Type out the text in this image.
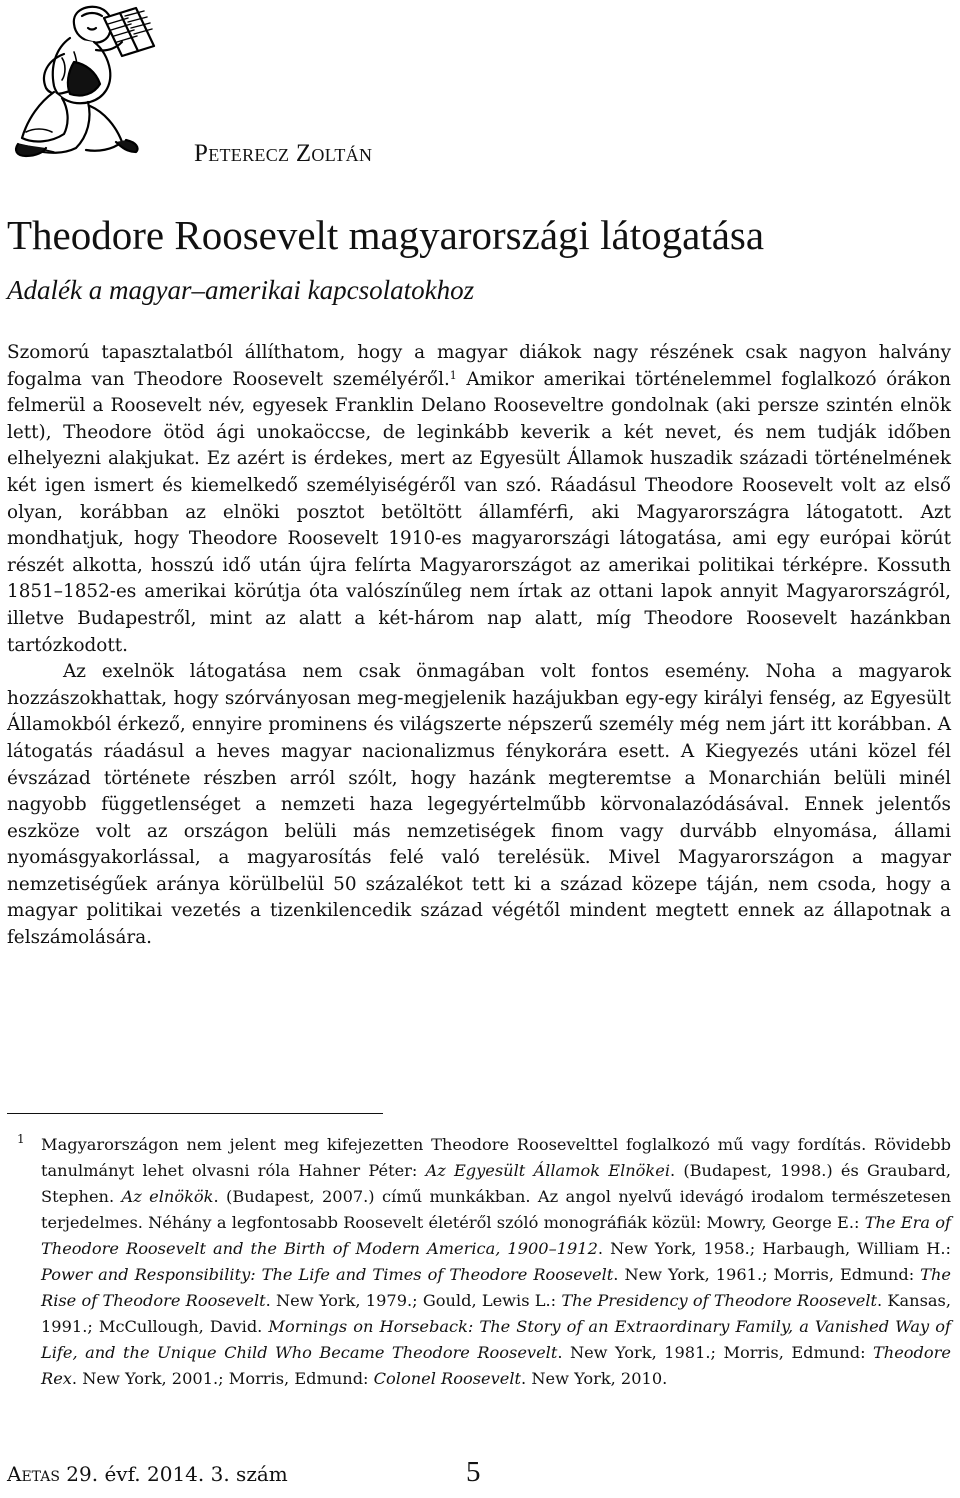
Peterecz Zoltán
Theodore Roosevelt magyarországi látogatása
Adalék a magyar–amerikai kapcsolatokhoz

Szomorú tapasztalatból állíthatom, hogy a magyar diákok nagy részének csak nagyon halvány fogalma van Theodore Roosevelt személyéről.$^1$ Amikor amerikai történelemmel foglalkozó órákon felmerül a Roosevelt név, egyesek Franklin Delano Rooseveltre gondolnak (aki persze szintén elnök lett), Theodore ötöd ági unokaöccse, de leginkább keverik a két nevet, és nem tudják időben elhelyezni alakjukat. Ez azért is érdekes, mert az Egyesült Államok huszadik századi történelmének két igen ismert és kiemelkedő személyiségéről van szó. Ráadásul Theodore Roosevelt volt az első olyan, korábban az elnöki posztot betöltött államférfi, aki Magyarországra látogatott. Azt mondhatjuk, hogy Theodore Roosevelt 1910-es magyarországi látogatása, ami egy európai körút részét alkotta, hosszú idő után újra felírta Magyarországot az amerikai politikai térképre. Kossuth 1851–1852-es amerikai körútja óta valószínűleg nem írtak az ottani lapok annyit Magyarországról, illetve Budapestről, mint az alatt a két-három nap alatt, míg Theodore Roosevelt hazánkban tartózkodott.

Az exelnök látogatása nem csak önmagában volt fontos esemény. Noha a magyarok hozzászokhattak, hogy szórványosan meg-megjelenik hazájukban egy-egy királyi fenség, az Egyesült Államokból érkező, ennyire prominens és világszerte népszerű személy még nem járt itt korábban. A látogatás ráadásul a heves magyar nacionalizmus fénykorára esett. A Kiegyezés utáni közel fél évszázad története részben arról szólt, hogy hazánk megteremtse a Monarchián belüli minél nagyobb függetlenséget a nemzeti haza legegyértelműbb körvonalazódásával. Ennek jelentős eszköze volt az országon belüli más nemzetiségek finom vagy durvább elnyomása, állami nyomásgyakorlással, a magyarosítás felé való terelésük. Mivel Magyarországon a magyar nemzetiségűek aránya körülbelül 50 százalékot tett ki a század közepe táján, nem csoda, hogy a magyar politikai vezetés a tizenkilencedik század végétől mindent megtett ennek az állapotnak a felszámolására.

1 Magyarországon nem jelent meg kifejezetten Theodore Roosevelttel foglalkozó mű vagy fordítás. Rövidebb tanulmányt lehet olvasni róla Hahner Péter: Az Egyesült Államok Elnökei. (Budapest, 1998.) és Graubard, Stephen. Az elnökök. (Budapest, 2007.) című munkákban. Az angol nyelvű idevágó irodalom természetesen terjedelmes. Néhány a legfontosabb Roosevelt életéről szóló monográfiák közül: Mowry, George E.: The Era of Theodore Roosevelt and the Birth of Modern America, 1900–1912. New York, 1958.; Harbaugh, William H.: Power and Responsibility: The Life and Times of Theodore Roosevelt. New York, 1961.; Morris, Edmund: The Rise of Theodore Roosevelt. New York, 1979.; Gould, Lewis L.: The Presidency of Theodore Roosevelt. Kansas, 1991.; McCullough, David. Mornings on Horseback: The Story of an Extraordinary Family, a Vanished Way of Life, and the Unique Child Who Became Theodore Roosevelt. New York, 1981.; Morris, Edmund: Theodore Rex. New York, 2001.; Morris, Edmund: Colonel Roosevelt. New York, 2010.
Aetas 29. évf. 2014. 3. szám	5
